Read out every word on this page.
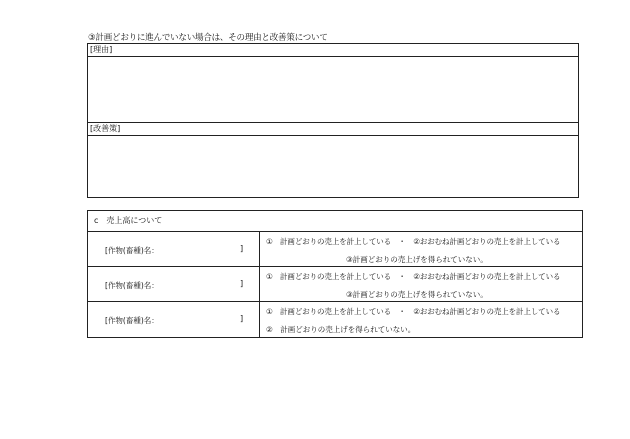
③計画どおりに進んでいない場合は、その理由と改善策について
[理由]
[改善策]
c　売上高について
[作物(畜種)名：	]
①　計画どおりの売上を計上している　・　②おおむね計画どおりの売上を計上している
③計画どおりの売上げを得られていない。
[作物(畜種)名：	]
①　計画どおりの売上を計上している　・　②おおむね計画どおりの売上を計上している
③計画どおりの売上げを得られていない。
[作物(畜種)名：	]
①　計画どおりの売上を計上している　・　②おおむね計画どおりの売上を計上している
②　計画どおりの売上げを得られていない。
